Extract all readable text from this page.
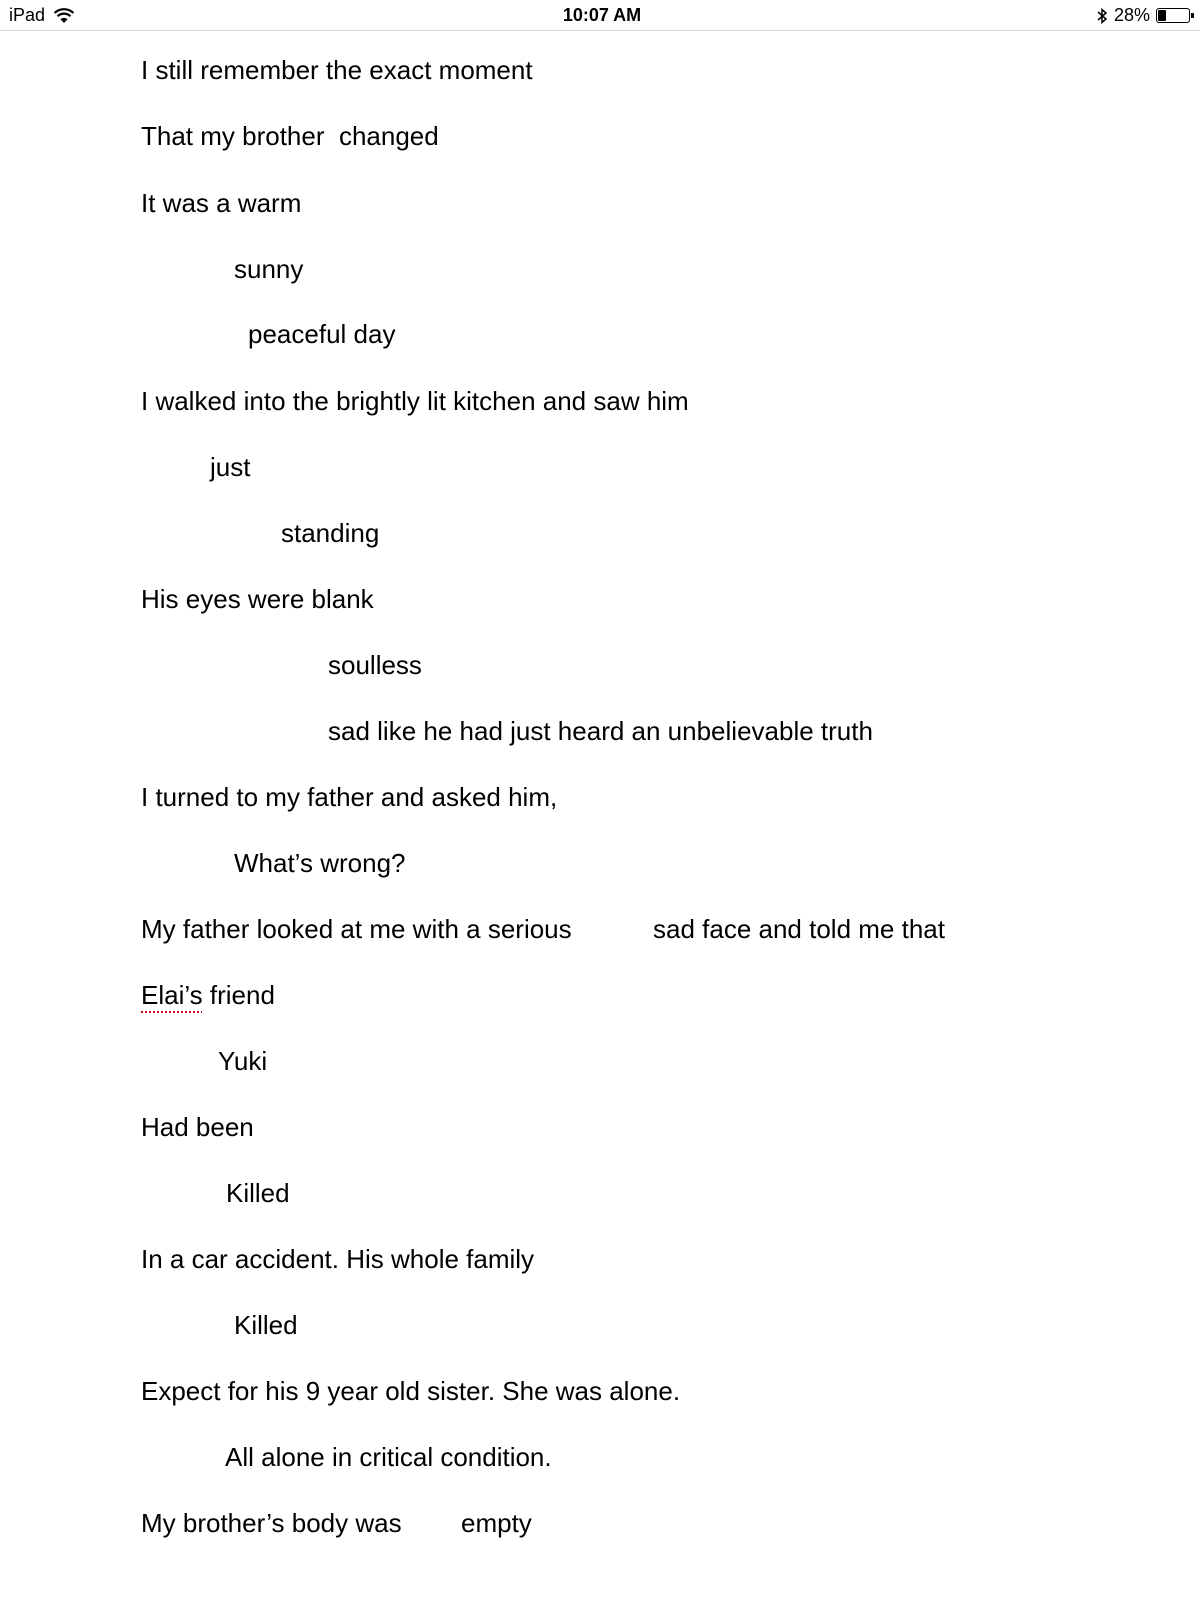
iPad	10:07 AM	28%
I still remember the exact moment
That my brother  changed
It was a warm
sunny
peaceful day
I walked into the brightly lit kitchen and saw him
just
standing
His eyes were blank
soulless
sad like he had just heard an unbelievable truth
I turned to my father and asked him,
What’s wrong?
My father looked at me with a serious	sad face and told me that
Elai’s friend
Yuki
Had been
Killed
In a car accident. His whole family
Killed
Expect for his 9 year old sister. She was alone.
All alone in critical condition.
My brother’s body was empty
